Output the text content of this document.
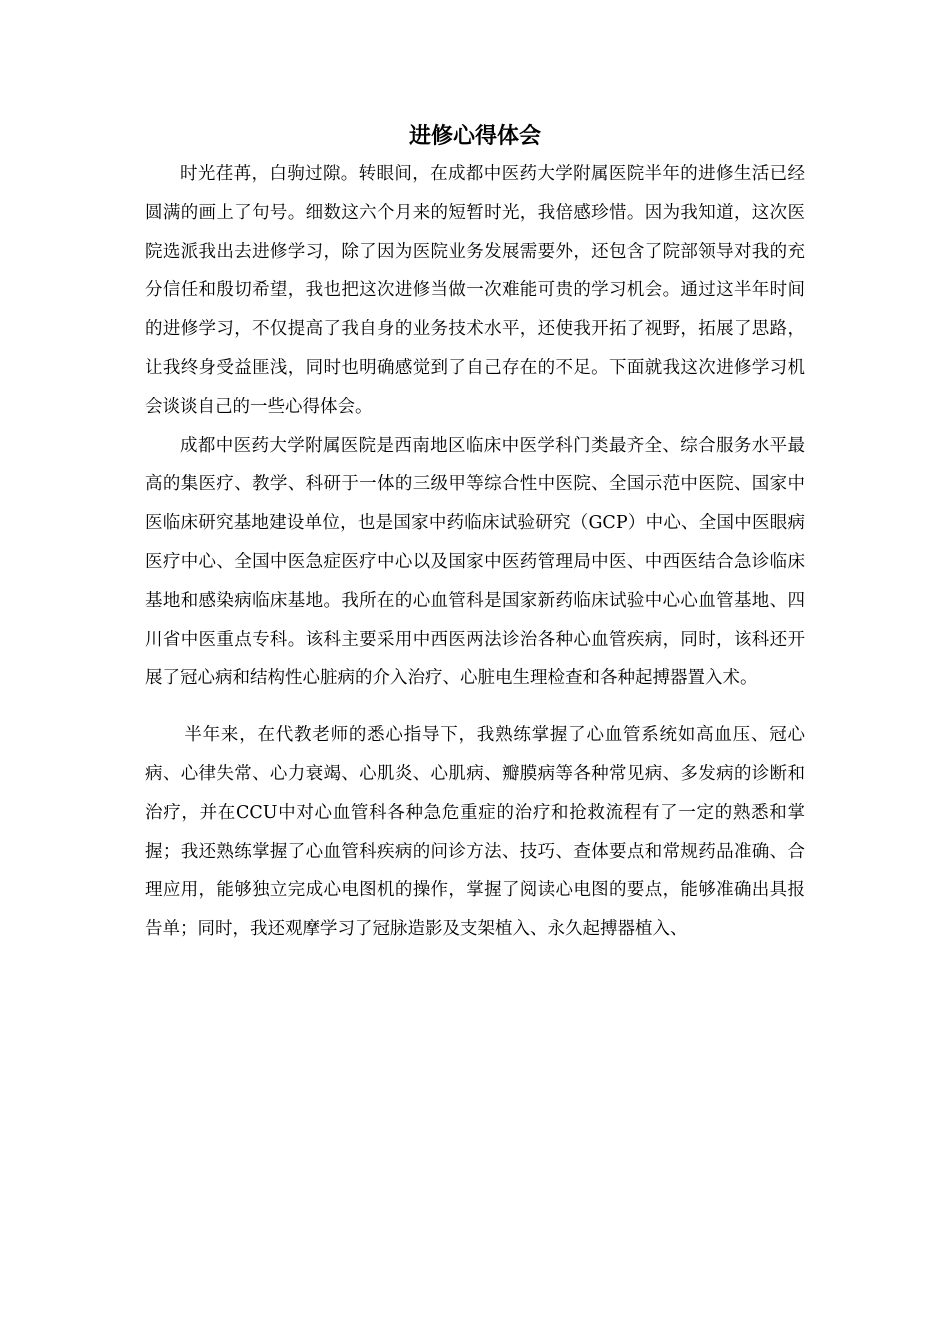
进修心得体会

时光荏苒，白驹过隙。转眼间，在成都中医药大学附属医院半年的进修生活已经圆满的画上了句号。细数这六个月来的短暂时光，我倍感珍惜。因为我知道，这次医院选派我出去进修学习，除了因为医院业务发展需要外，还包含了院部领导对我的充分信任和殷切希望，我也把这次进修当做一次难能可贵的学习机会。通过这半年时间的进修学习，不仅提高了我自身的业务技术水平，还使我开拓了视野，拓展了思路，让我终身受益匪浅，同时也明确感觉到了自己存在的不足。下面就我这次进修学习机会谈谈自己的一些心得体会。

成都中医药大学附属医院是西南地区临床中医学科门类最齐全、综合服务水平最高的集医疗、教学、科研于一体的三级甲等综合性中医院、全国示范中医院、国家中医临床研究基地建设单位，也是国家中药临床试验研究（GCP）中心、全国中医眼病医疗中心、全国中医急症医疗中心以及国家中医药管理局中医、中西医结合急诊临床基地和感染病临床基地。我所在的心血管科是国家新药临床试验中心心血管基地、四川省中医重点专科。该科主要采用中西医两法诊治各种心血管疾病，同时，该科还开展了冠心病和结构性心脏病的介入治疗、心脏电生理检查和各种起搏器置入术。

半年来，在代教老师的悉心指导下，我熟练掌握了心血管系统如高血压、冠心病、心律失常、心力衰竭、心肌炎、心肌病、瓣膜病等各种常见病、多发病的诊断和治疗，并在CCU中对心血管科各种急危重症的治疗和抢救流程有了一定的熟悉和掌握；我还熟练掌握了心血管科疾病的问诊方法、技巧、查体要点和常规药品准确、合理应用，能够独立完成心电图机的操作，掌握了阅读心电图的要点，能够准确出具报告单；同时，我还观摩学习了冠脉造影及支架植入、永久起搏器植入、
